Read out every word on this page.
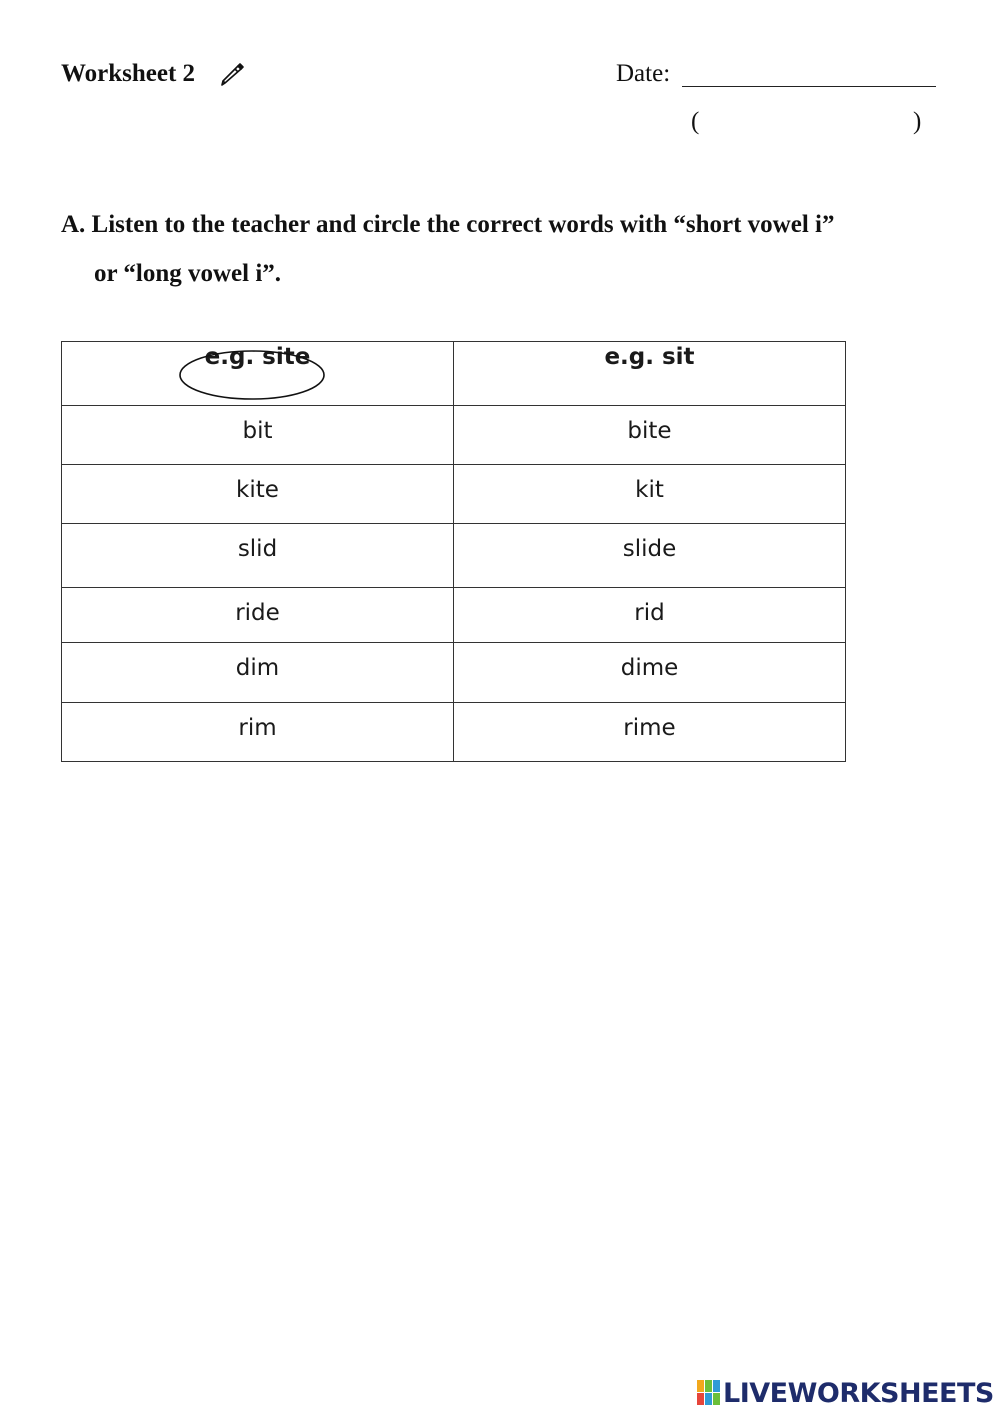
Worksheet 2	Date:
(	)
A. Listen to the teacher and circle the correct words with “short vowel i”
or “long vowel i”.
e.g. site	e.g. sit
bit	bite
kite	kit
slid	slide
ride	rid
dim	dime
rim	rime
LIVEWORKSHEETS
